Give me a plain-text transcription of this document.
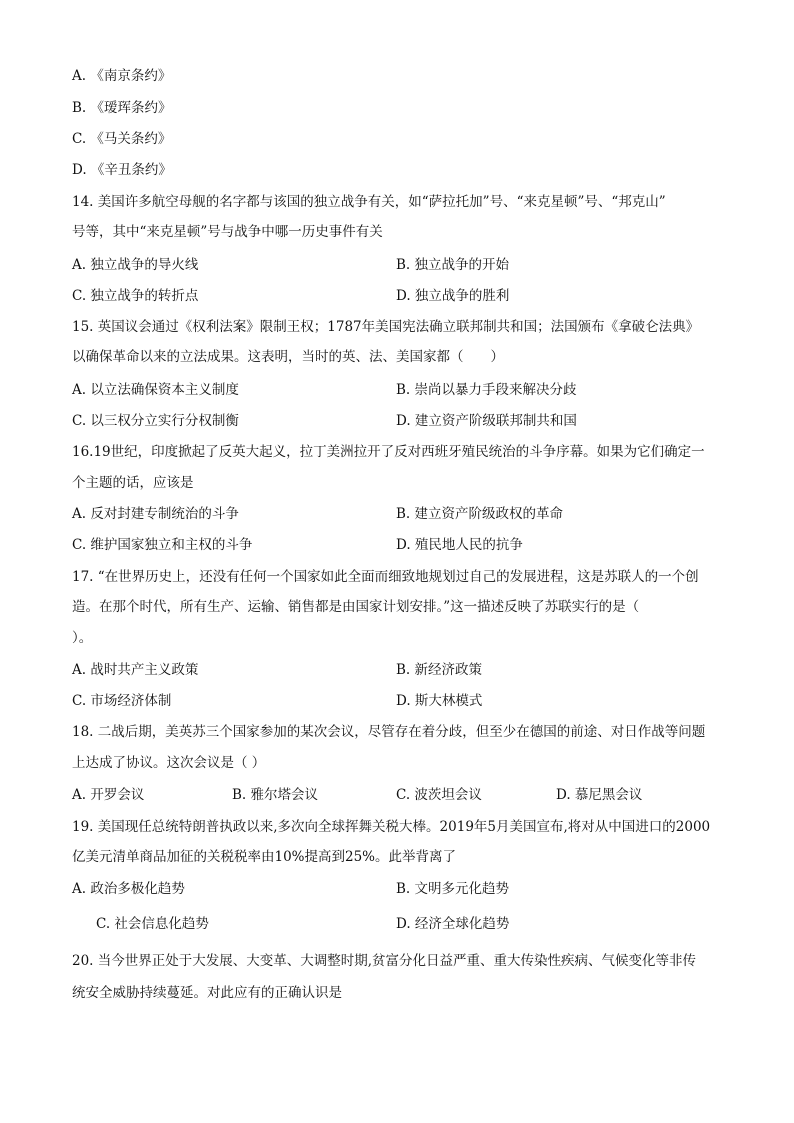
A. 《南京条约》
B. 《瑷珲条约》
C. 《马关条约》
D. 《辛丑条约》
14. 美国许多航空母舰的名字都与该国的独立战争有关，如“萨拉托加”号、“来克星顿”号、“邦克山”
号等，其中“来克星顿”号与战争中哪一历史事件有关
A. 独立战争的导火线	B. 独立战争的开始
C. 独立战争的转折点	D. 独立战争的胜利
15. 英国议会通过《权利法案》限制王权；1787年美国宪法确立联邦制共和国；法国颁布《拿破仑法典》
以确保革命以来的立法成果。这表明，当时的英、法、美国家都（　　）
A. 以立法确保资本主义制度	B. 崇尚以暴力手段来解决分歧
C. 以三权分立实行分权制衡	D. 建立资产阶级联邦制共和国
16.19世纪，印度掀起了反英大起义，拉丁美洲拉开了反对西班牙殖民统治的斗争序幕。如果为它们确定一
个主题的话，应该是
A. 反对封建专制统治的斗争	B. 建立资产阶级政权的革命
C. 维护国家独立和主权的斗争	D. 殖民地人民的抗争
17. “在世界历史上，还没有任何一个国家如此全面而细致地规划过自己的发展进程，这是苏联人的一个创
造。在那个时代，所有生产、运输、销售都是由国家计划安排。”这一描述反映了苏联实行的是（
）。
A. 战时共产主义政策	B. 新经济政策
C. 市场经济体制	D. 斯大林模式
18. 二战后期，美英苏三个国家参加的某次会议，尽管存在着分歧，但至少在德国的前途、对日作战等问题
上达成了协议。这次会议是（ ）
A. 开罗会议	B. 雅尔塔会议	C. 波茨坦会议	D. 慕尼黑会议
19. 美国现任总统特朗普执政以来,多次向全球挥舞关税大棒。2019年5月美国宣布,将对从中国进口的2000
亿美元清单商品加征的关税税率由10%提高到25%。此举背离了
A. 政治多极化趋势	B. 文明多元化趋势
C. 社会信息化趋势	D. 经济全球化趋势
20. 当今世界正处于大发展、大变革、大调整时期,贫富分化日益严重、重大传染性疾病、气候变化等非传
统安全威胁持续蔓延。对此应有的正确认识是
